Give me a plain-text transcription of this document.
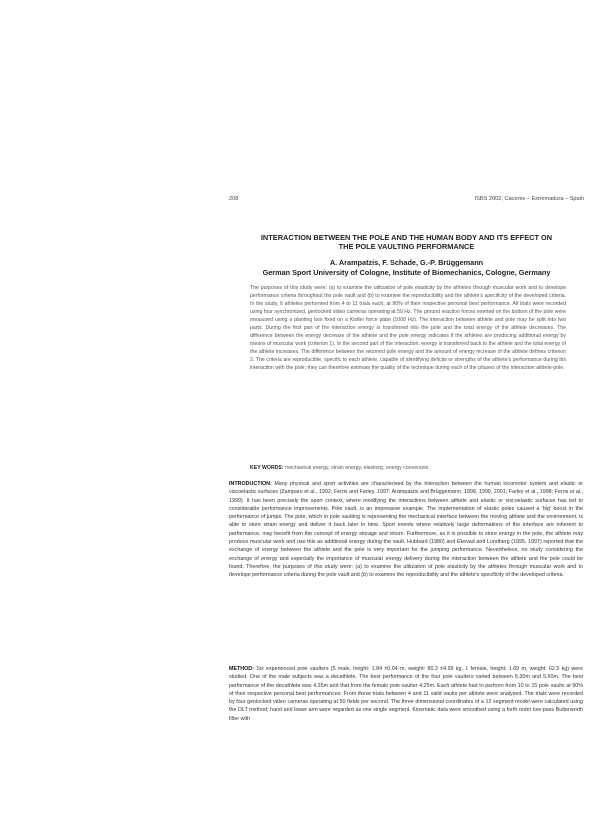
208	ISBS 2002, Cáceres – Extremadura – Spain
INTERACTION BETWEEN THE POLE AND THE HUMAN BODY AND ITS EFFECT ON
THE POLE VAULTING PERFORMANCE

A. Arampatzis, F. Schade, G.-P. Brüggemann

German Sport University of Cologne, Institute of Biomechanics, Cologne, Germany

The purposes of this study were: (a) to examine the utilization of pole elasticity by the athletes through muscular work and to develope performance criteria throughout the pole vault and (b) to examine the reproducibility and the athlete's specificity of the developed criteria. In the study, 6 athletes performed from 4 to 11 trials each, at 90% of their respective personal best performance. All trials were recorded using four synchronized, genlocked video cameras operating at 50 Hz. The ground reaction forces exerted on the bottom of the pole were measured using a planting box fixed on a Kistler force plate (1000 Hz). The interaction between athlete and pole may be split into two parts. During the first part of the interaction energy is transferred into the pole and the total energy of the athlete decreases. The difference between the energy decrease of the athlete and the pole energy indicates if the athletes are producing additional energy by means of muscular work (criterion 1). In the second part of the interaction, energy is transferred back to the athlete and the total energy of the athlete increases. The difference between the returned pole energy and the amount of energy increase of the athlete defines criterion 2. The criteria are reproducible, specific to each athlete, capable of identifying deficits or strengths of the athlete's performance during his interaction with the pole; they can therefore estimate the quality of the technique during each of the phases of the interaction athlete-pole.

KEY WORDS: mechanical energy, strain energy, elasticity, energy conversion.

INTRODUCTION: Many physical and sport activities are characterised by the interaction between the human locomotor system and elastic or viscoelastic surfaces (Zamparo et al., 1992; Ferris and Farley, 1997; Arampatzis and Brüggemann, 1998, 1999, 2001; Farley et al., 1998; Ferris et al., 1999). It has been precisely the sport context, where modifying the interactions between athlete and elastic or viscoelastic surfaces has led to considerable performance improvements. Pole vault, is an impressive example. The implementation of elastic poles caused a 'big' boost in the performance of jumps. The pole, which in pole vaulting is representing the mechanical interface between the moving athlete and the environment, is able to store strain energy and deliver it back later in time. Sport events where relatively large deformations of the interface are inherent to performance, may benefit from the concept of energy storage and return. Furthermore, as it is possible to store energy in the pole, the athlete may produce muscular work and use this as additional energy during the vault. Hubbard (1980) and Ekevad and Lundberg (1995, 1997) reported that the exchange of energy between the athlete and the pole is very important for the jumping performance. Nevertheless, no study considering the exchange of energy and especially the importance of muscular energy delivery during the interaction between the athlete and the pole could be found. Therefore, the purposes of this study were: (a) to examine the utilization of pole elasticity by the athletes through muscular work and to develope performance criteria during the pole vault and (b) to examine the reproducibility and the athlete's specificity of the developed criteria.

METHOD: Six experienced pole vaulters (5 male, height: 1.84 ±0.04 m, weight: 80.3 ±4.99 kg, 1 female, height: 1.69 m, weight: 62.5 kg) were studied. One of the male subjects was a decathlete. The best performance of the four pole vaulters varied between 5.30m and 5.60m. The best performance of the decathlete was 4.35m and that from the female pole vaulter 4.25m. Each athlete had to perform from 10 to 15 pole vaults at 90% of their respective personal best performances. From these trials between 4 and 11 valid vaults per athlete were analysed. The trials were recorded by four genlocked video cameras operating at 50 fields per second. The three dimensional coordinates of a 12 segment model were calculated using the DLT method; hand and lower arm were regarded as one single segment. Kinematic data were smoothed using a forth order low-pass Butterworth filter with
